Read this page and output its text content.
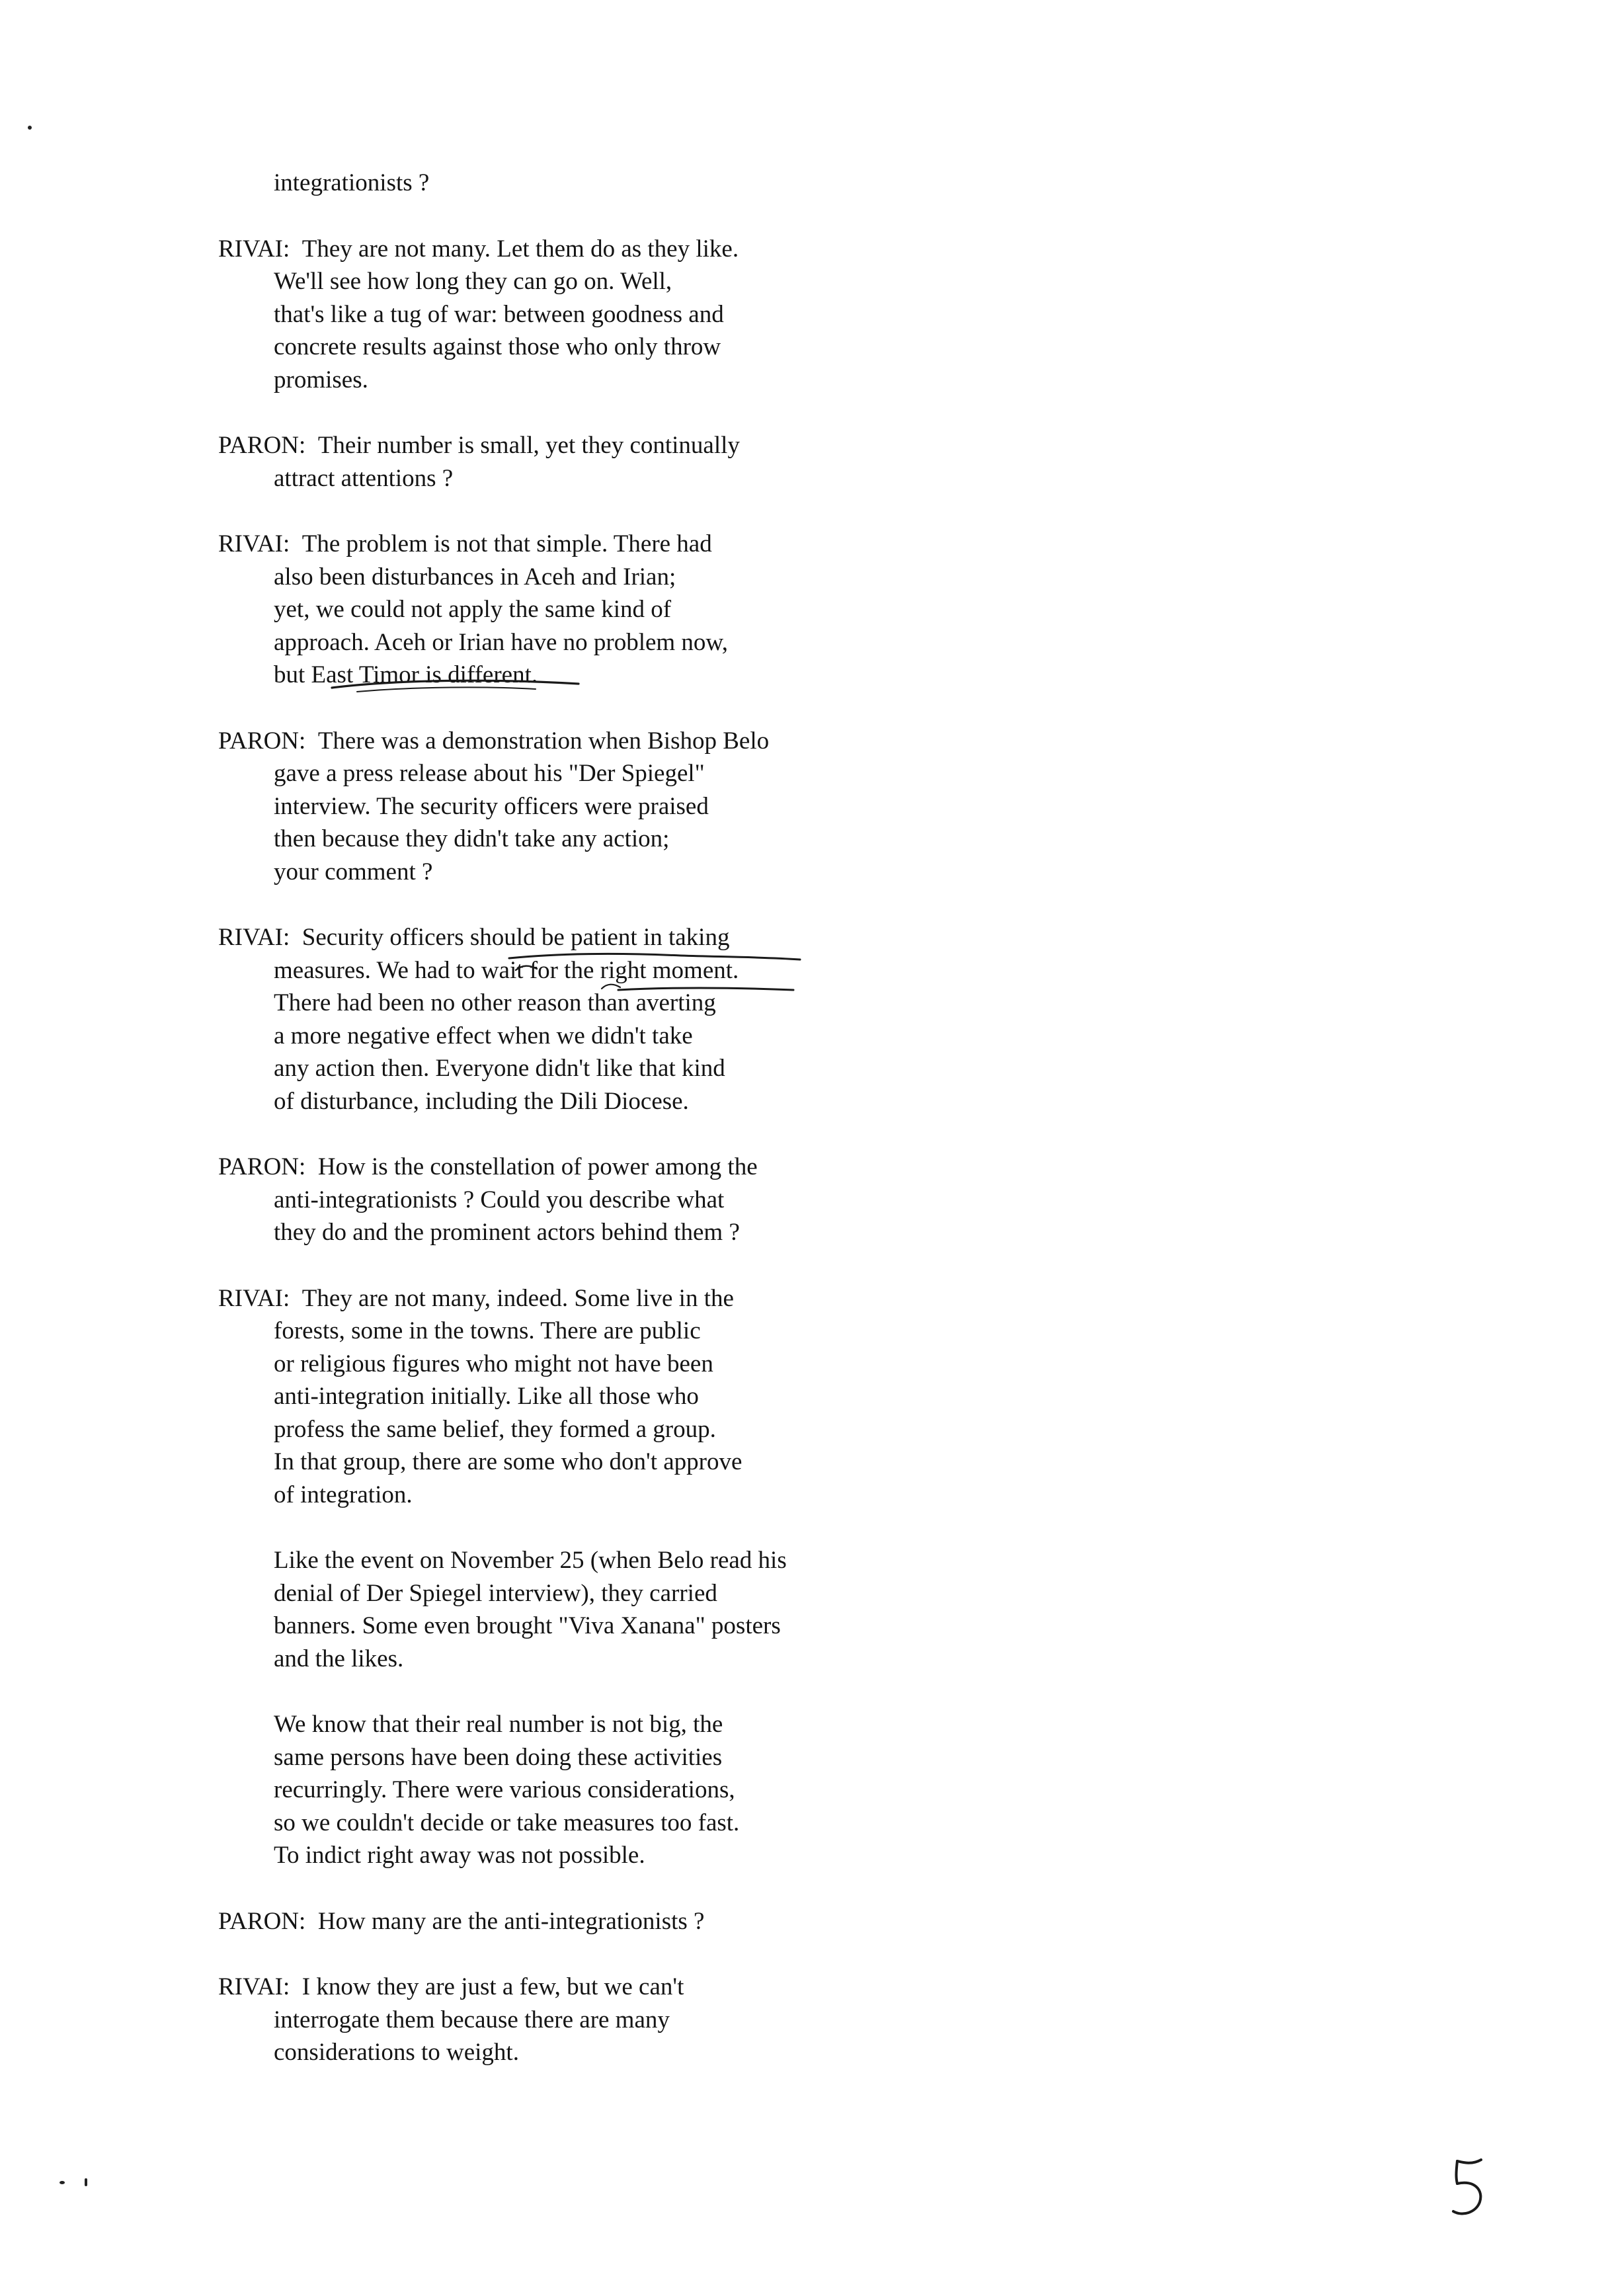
integrationists ?
RIVAI: They are not many. Let them do as they like.
We'll see how long they can go on. Well,
that's like a tug of war: between goodness and
concrete results against those who only throw
promises.
PARON: Their number is small, yet they continually
attract attentions ?
RIVAI: The problem is not that simple. There had
also been disturbances in Aceh and Irian;
yet, we could not apply the same kind of
approach. Aceh or Irian have no problem now,
but East Timor is different.
PARON: There was a demonstration when Bishop Belo
gave a press release about his "Der Spiegel"
interview. The security officers were praised
then because they didn't take any action;
your comment ?
RIVAI: Security officers should be patient in taking
measures. We had to wait for the right moment.
There had been no other reason than averting
a more negative effect when we didn't take
any action then. Everyone didn't like that kind
of disturbance, including the Dili Diocese.
PARON: How is the constellation of power among the
anti-integrationists ? Could you describe what
they do and the prominent actors behind them ?
RIVAI: They are not many, indeed. Some live in the
forests, some in the towns. There are public
or religious figures who might not have been
anti-integration initially. Like all those who
profess the same belief, they formed a group.
In that group, there are some who don't approve
of integration.
Like the event on November 25 (when Belo read his
denial of Der Spiegel interview), they carried
banners. Some even brought "Viva Xanana" posters
and the likes.
We know that their real number is not big, the
same persons have been doing these activities
recurringly. There were various considerations,
so we couldn't decide or take measures too fast.
To indict right away was not possible.
PARON: How many are the anti-integrationists ?
RIVAI: I know they are just a few, but we can't
interrogate them because there are many
considerations to weight.
